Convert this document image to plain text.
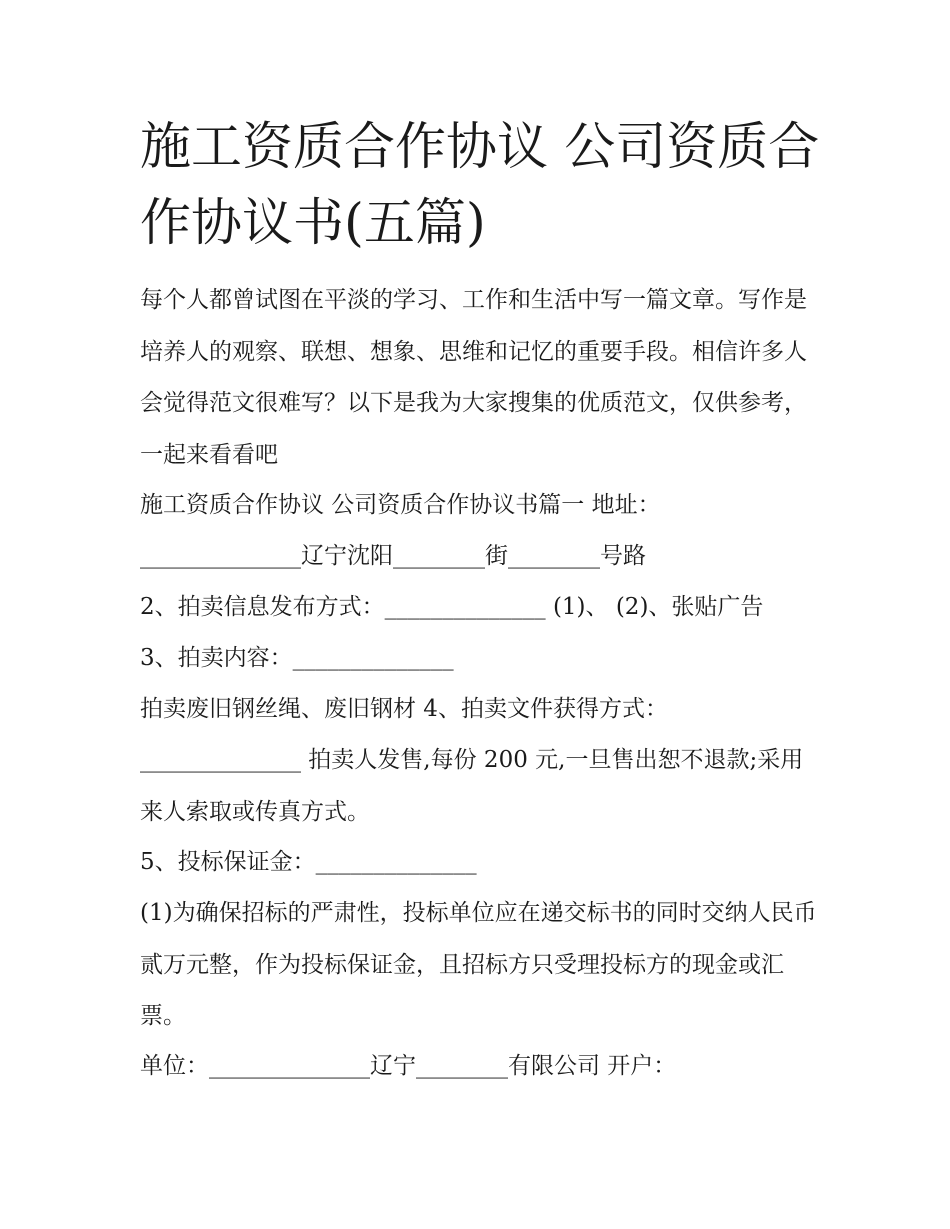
施工资质合作协议 公司资质合作协议书(五篇)

每个人都曾试图在平淡的学习、工作和生活中写一篇文章。写作是培养人的观察、联想、想象、思维和记忆的重要手段。相信许多人会觉得范文很难写？以下是我为大家搜集的优质范文，仅供参考，一起来看看吧

施工资质合作协议 公司资质合作协议书篇一 地址：

______________辽宁沈阳________街________号路

2、拍卖信息发布方式：______________ (1)、 (2)、张贴广告

3、拍卖内容：______________

拍卖废旧钢丝绳、废旧钢材 4、拍卖文件获得方式：

______________ 拍卖人发售,每份 200 元,一旦售出恕不退款;采用来人索取或传真方式。

5、投标保证金：______________

(1)为确保招标的严肃性，投标单位应在递交标书的同时交纳人民币贰万元整，作为投标保证金，且招标方只受理投标方的现金或汇票。

单位：______________辽宁________有限公司 开户：
